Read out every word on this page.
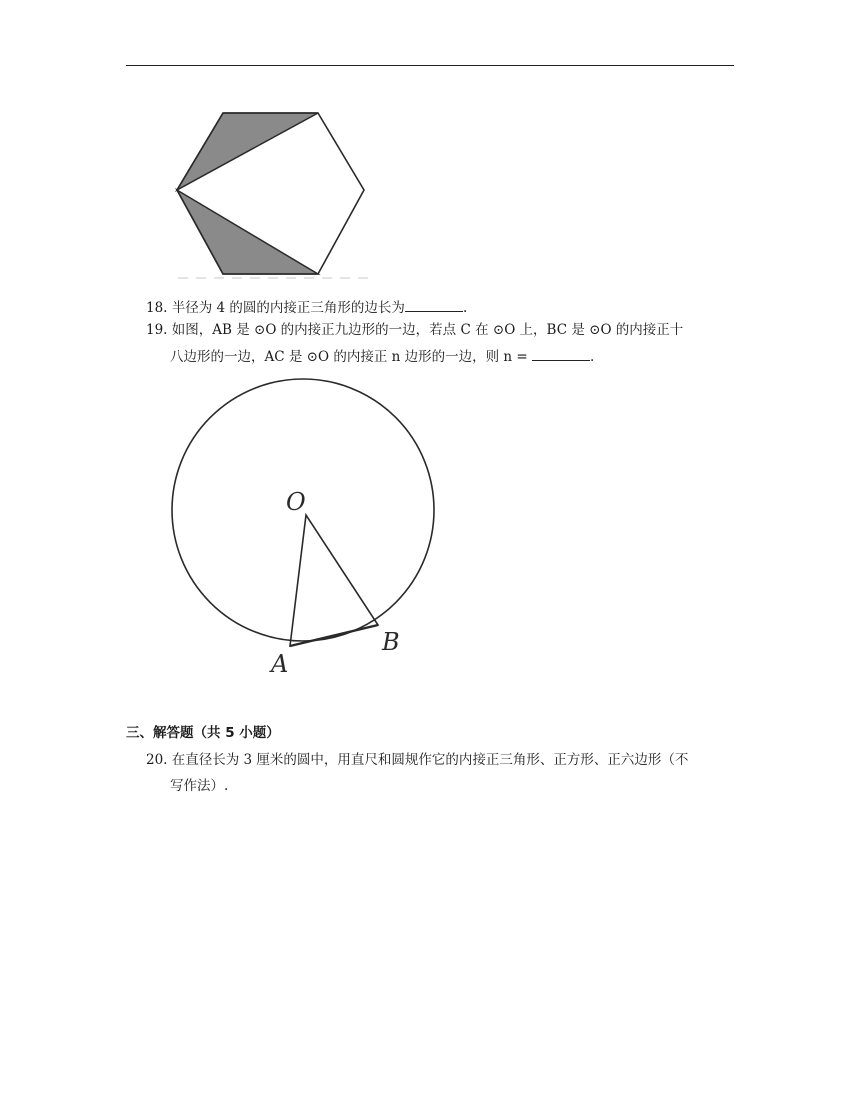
18. 半径为 4 的圆的内接正三角形的边长为	.
19. 如图，AB 是 ⊙O 的内接正九边形的一边，若点 C 在 ⊙O 上，BC 是 ⊙O 的内接正十
八边形的一边，AC 是 ⊙O 的内接正 n 边形的一边，则 n =	.
O
A
B
三、解答题（共 5 小题）
20. 在直径长为 3 厘米的圆中，用直尺和圆规作它的内接正三角形、正方形、正六边形（不
写作法）.
